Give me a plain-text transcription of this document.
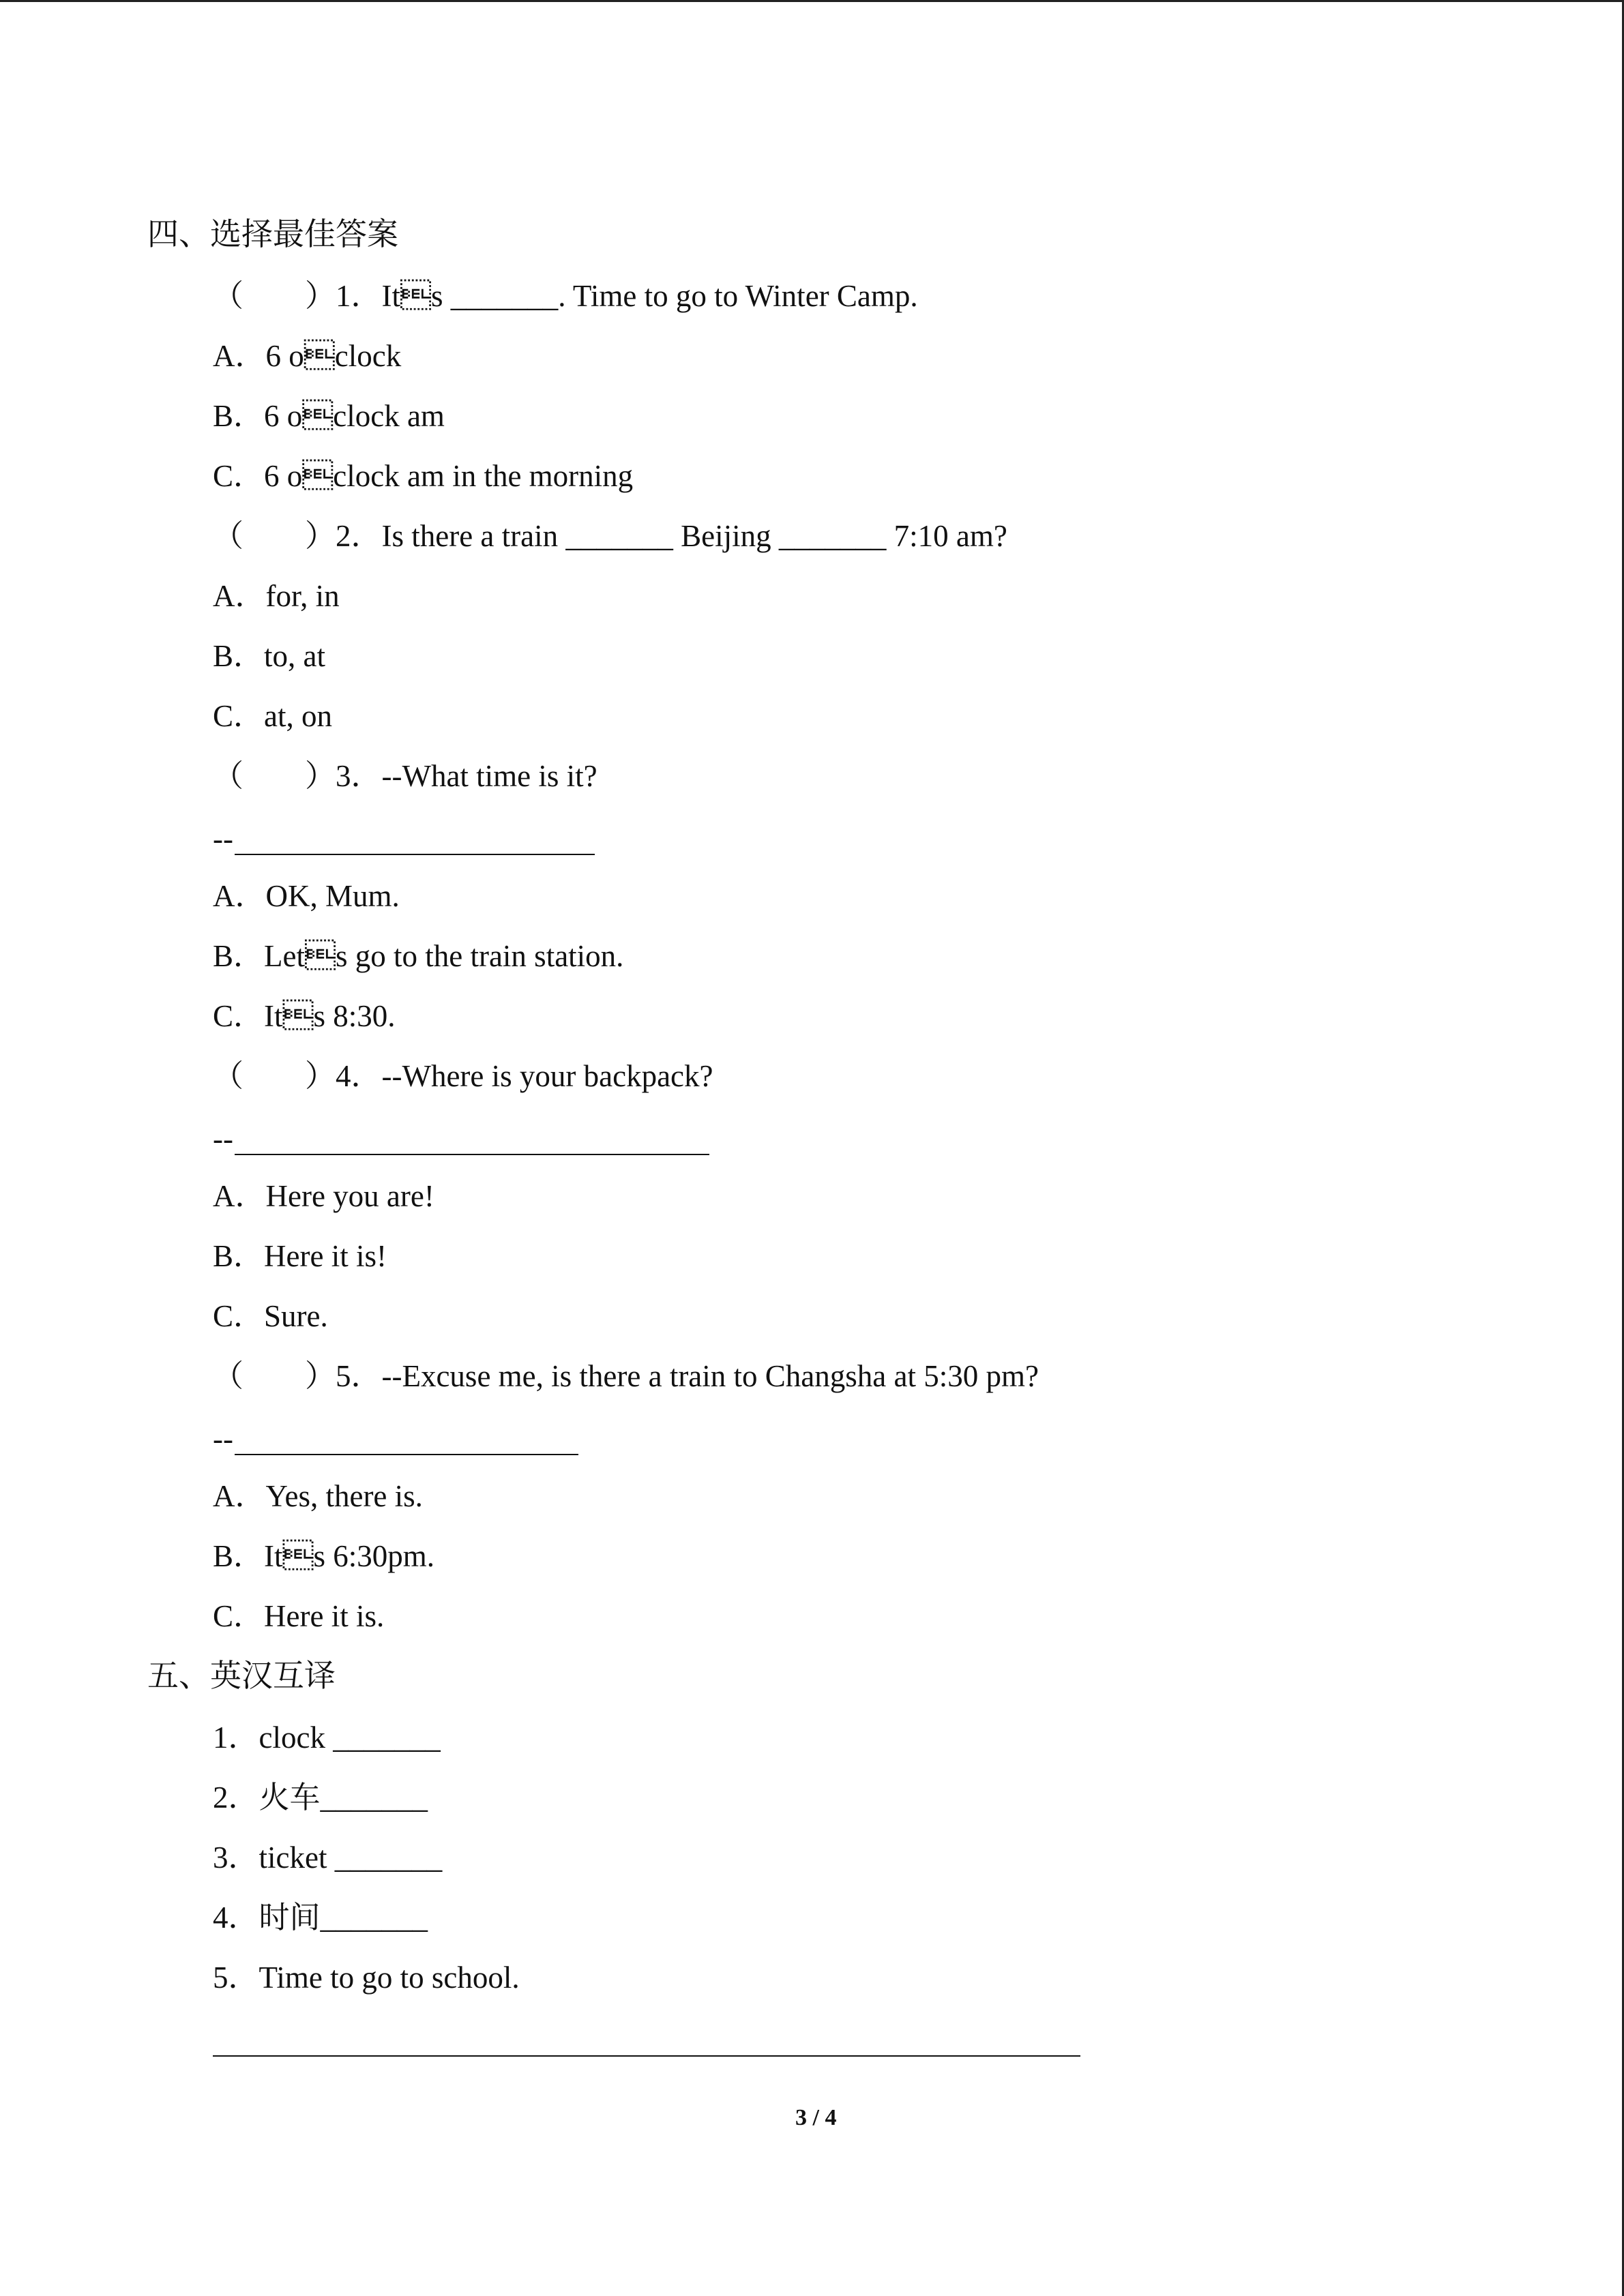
四、选择最佳答案
（　　）1．Its _______. Time to go to Winter Camp.
A．6 oclock
B．6 oclock am
C．6 oclock am in the morning
（　　）2．Is there a train _______ Beijing _______ 7:10 am?
A．for, in
B．to, at
C．at, on
（　　）3．--What time is it?
--
A．OK, Mum.
B．Lets go to the train station.
C．Its 8:30.
（　　）4．--Where is your backpack?
--
A．Here you are!
B．Here it is!
C．Sure.
（　　）5．--Excuse me, is there a train to Changsha at 5:30 pm?
--
A．Yes, there is.
B．Its 6:30pm.
C．Here it is.
五、英汉互译
1．clock _______
2．火车_______
3．ticket _______
4．时间_______
5．Time to go to school.
3 / 4
